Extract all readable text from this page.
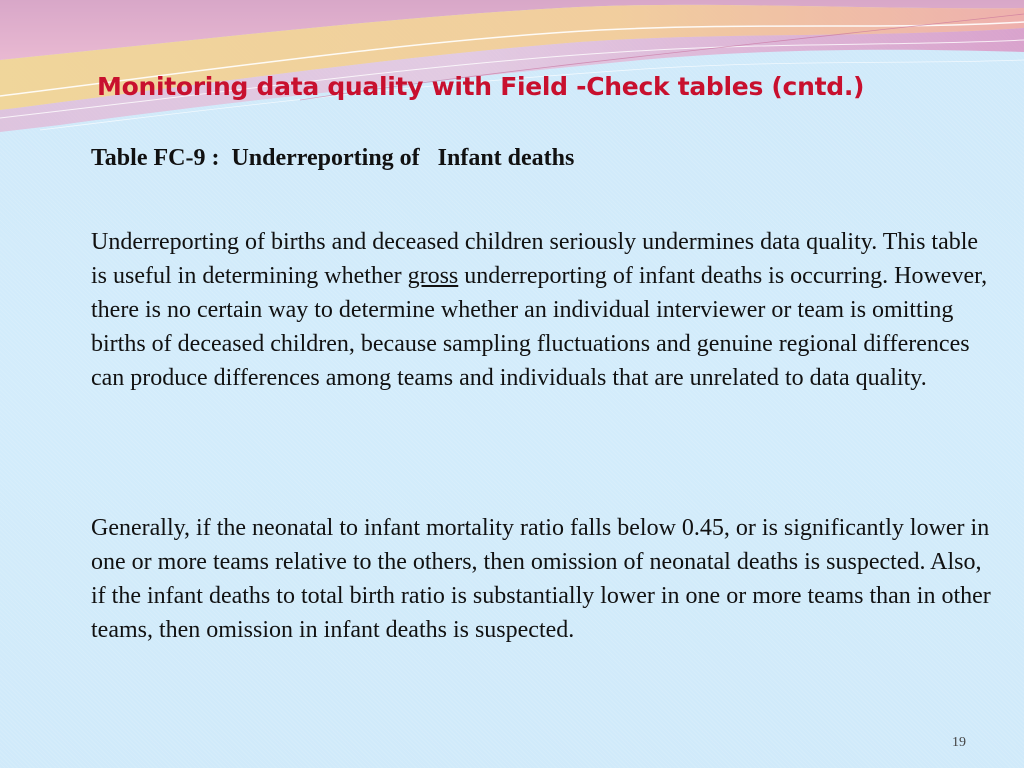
Monitoring data quality with Field -Check tables (cntd.)
Table FC-9 :  Underreporting of   Infant deaths

Underreporting of births and deceased children seriously undermines data quality. This table is useful in determining whether gross underreporting of infant deaths is occurring. However, there is no certain way to determine whether an individual interviewer or team is omitting births of deceased children, because sampling fluctuations and genuine regional differences can produce differences among teams and individuals that are unrelated to data quality.

Generally, if the neonatal to infant mortality ratio falls below 0.45, or is significantly lower in one or more teams relative to the others, then omission of neonatal deaths is suspected. Also, if the infant deaths to total birth ratio is substantially lower in one or more teams than in other teams, then omission in infant deaths is suspected.

19
